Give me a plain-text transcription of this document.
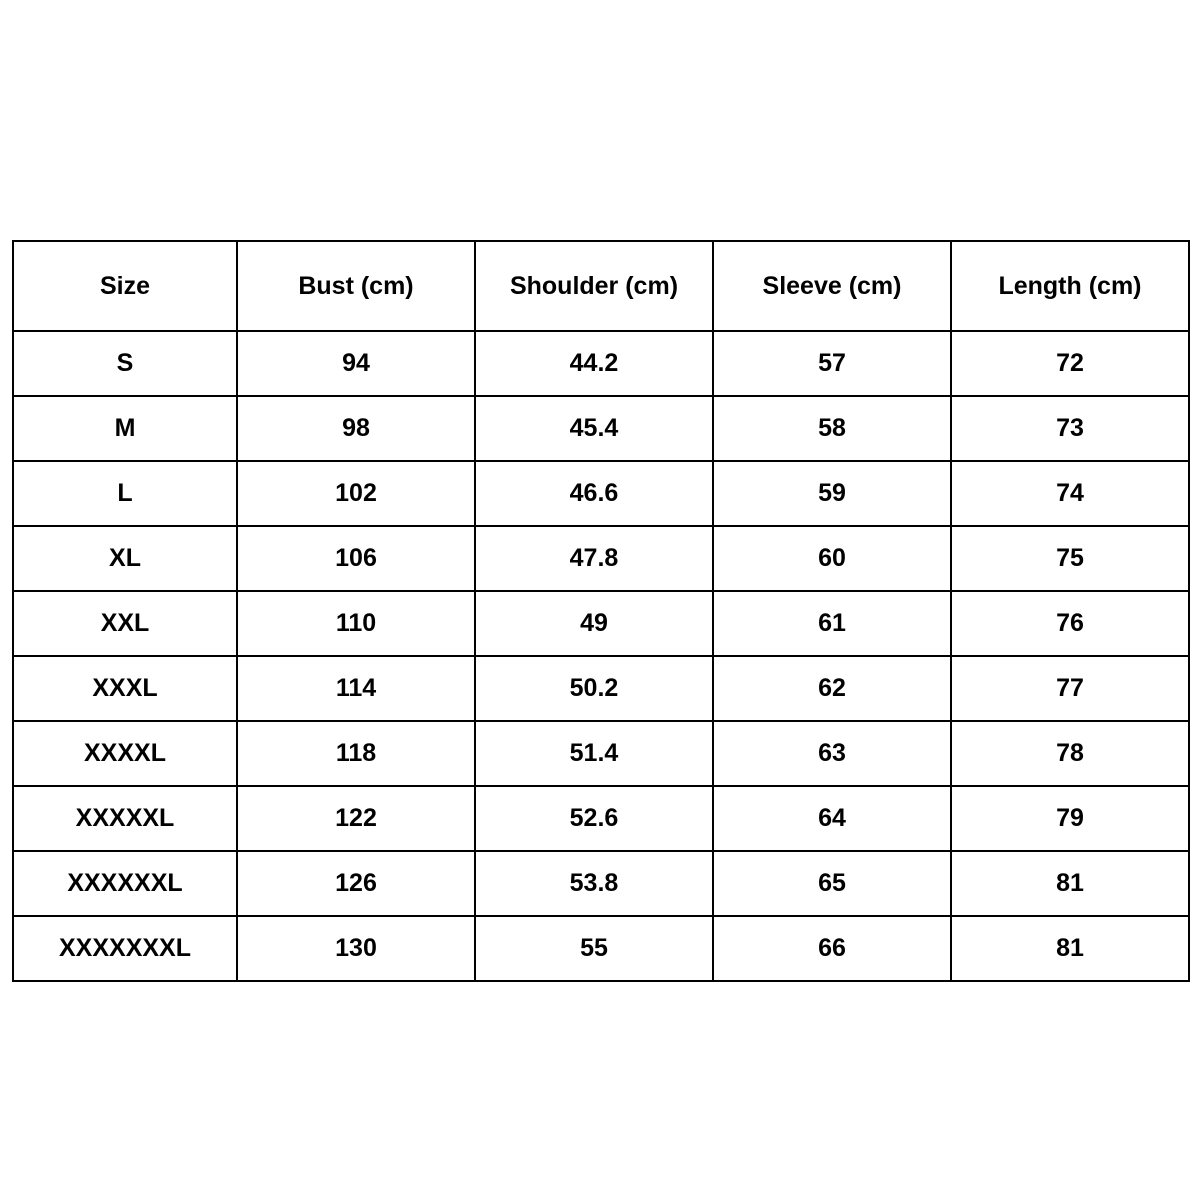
Size	Bust (cm)	Shoulder (cm)	Sleeve (cm)	Length (cm)
S	94	44.2	57	72
M	98	45.4	58	73
L	102	46.6	59	74
XL	106	47.8	60	75
XXL	110	49	61	76
XXXL	114	50.2	62	77
XXXXL	118	51.4	63	78
XXXXXL	122	52.6	64	79
XXXXXXL	126	53.8	65	81
XXXXXXXL	130	55	66	81
